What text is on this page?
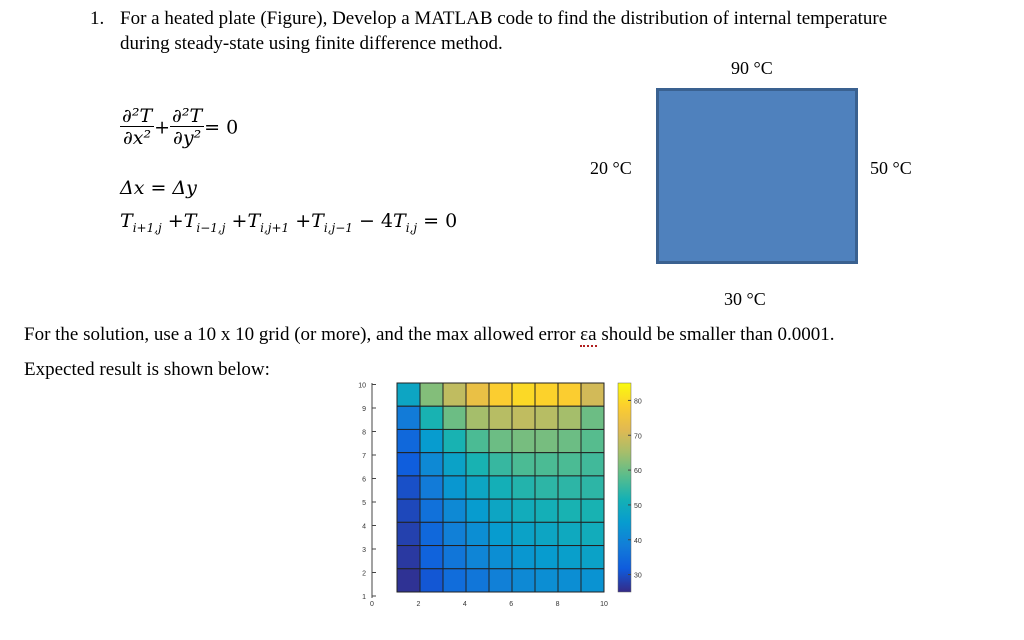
1. For a heated plate (Figure), Develop a MATLAB code to find the distribution of internal temperature
during steady-state using finite difference method.
$\frac{\text{∂²T}}{\text{∂x²}} + \frac{\text{∂²T}}{\text{∂y²}} = 0$
Δx = Δy
$T_{i+1,j} +T_{i-1,j} +T_{i,j+1} +T_{i,j-1} - 4T_{i,j} = 0$
90 °C
20 °C	50 °C
30 °C
For the solution, use a 10 x 10 grid (or more), and the max allowed error εa should be smaller than 0.0001.
Expected result is shown below:
1
2
3
4
5
6
7
8
9
10
0	2	4	6	8	10
30
40
50
60
70
80
